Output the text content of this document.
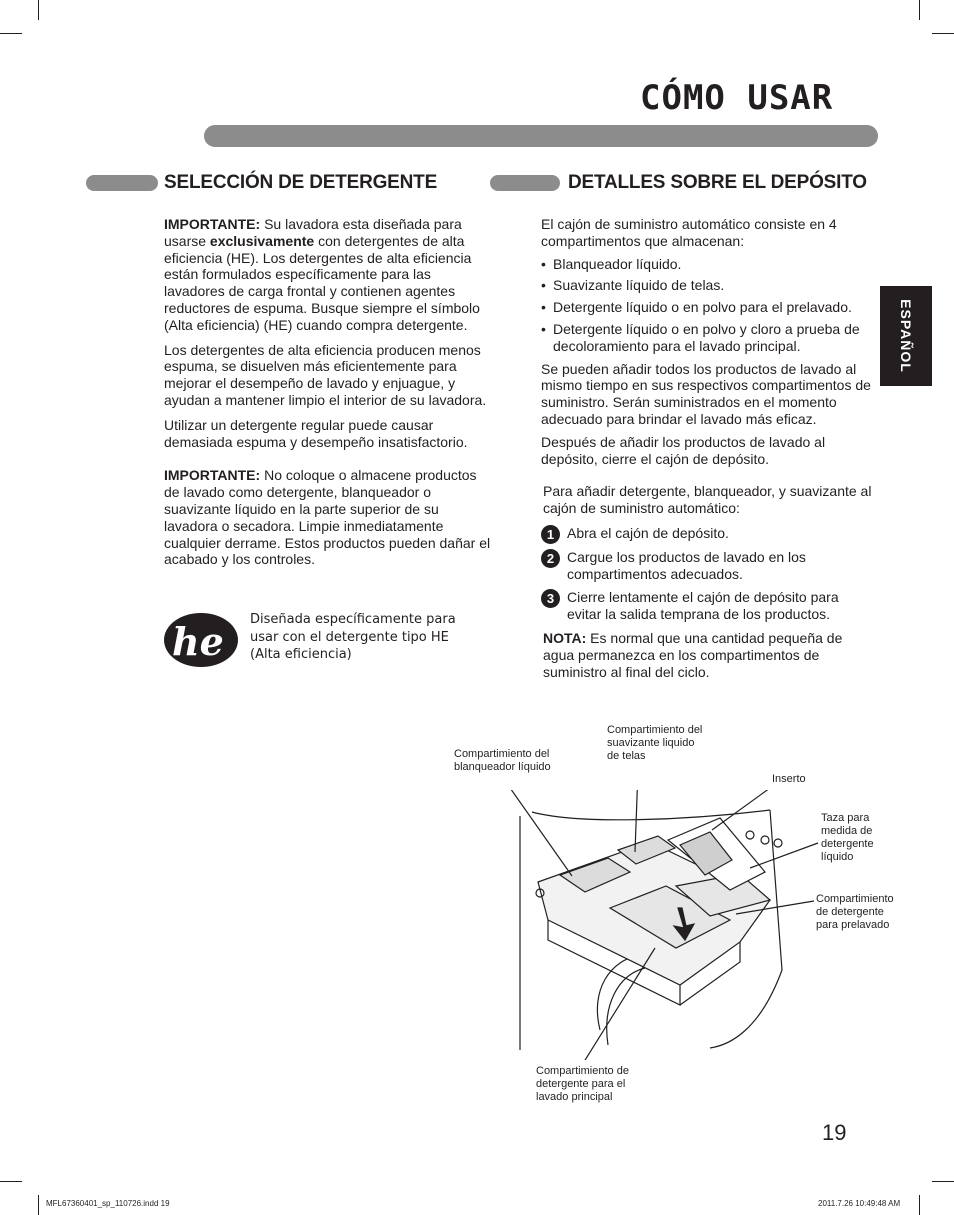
CÓMO USAR
ESPAÑOL
SELECCIÓN DE DETERGENTE

IMPORTANTE: Su lavadora esta diseñada para usarse exclusivamente con detergentes de alta eficiencia (HE). Los detergentes de alta eficiencia están formulados específicamente para las lavadores de carga frontal y contienen agentes reductores de espuma. Busque siempre el símbolo (Alta eficiencia) (HE) cuando compra detergente.

Los detergentes de alta eficiencia producen menos espuma, se disuelven más eficientemente para mejorar el desempeño de lavado y enjuague, y ayudan a mantener limpio el interior de su lavadora.

Utilizar un detergente regular puede causar demasiada espuma y desempeño insatisfactorio.

IMPORTANTE: No coloque o almacene productos de lavado como detergente, blanqueador o suavizante líquido en la parte superior de su lavadora o secadora. Limpie inmediatamente cualquier derrame. Estos productos pueden dañar el acabado y los controles.

he Diseñada específicamente para
usar con el detergente tipo HE
(Alta eficiencia)
DETALLES SOBRE EL DEPÓSITO

El cajón de suministro automático consiste en 4 compartimentos que almacenan:

• Blanqueador líquido.
• Suavizante líquido de telas.
• Detergente líquido o en polvo para el prelavado.
• Detergente líquido o en polvo y cloro a prueba de decoloramiento para el lavado principal.

Se pueden añadir todos los productos de lavado al mismo tiempo en sus respectivos compartimentos de suministro. Serán suministrados en el momento adecuado para brindar el lavado más eficaz.

Después de añadir los productos de lavado al depósito, cierre el cajón de depósito.

Para añadir detergente, blanqueador, y suavizante al cajón de suministro automático:

1 Abra el cajón de depósito.
2 Cargue los productos de lavado en los compartimentos adecuados.
3 Cierre lentamente el cajón de depósito para evitar la salida temprana de los productos.

NOTA: Es normal que una cantidad pequeña de agua permanezca en los compartimentos de suministro al final del ciclo.

Compartimiento del
suavizante liquido
de telas
Compartimiento del
blanqueador líquido
Inserto
Taza para
medida de
detergente
líquido
Compartimiento
de detergente
para prelavado
Compartimiento de
detergente para el
lavado principal
19
MFL67360401_sp_110726.indd 19	2011.7.26 10:49:48 AM
